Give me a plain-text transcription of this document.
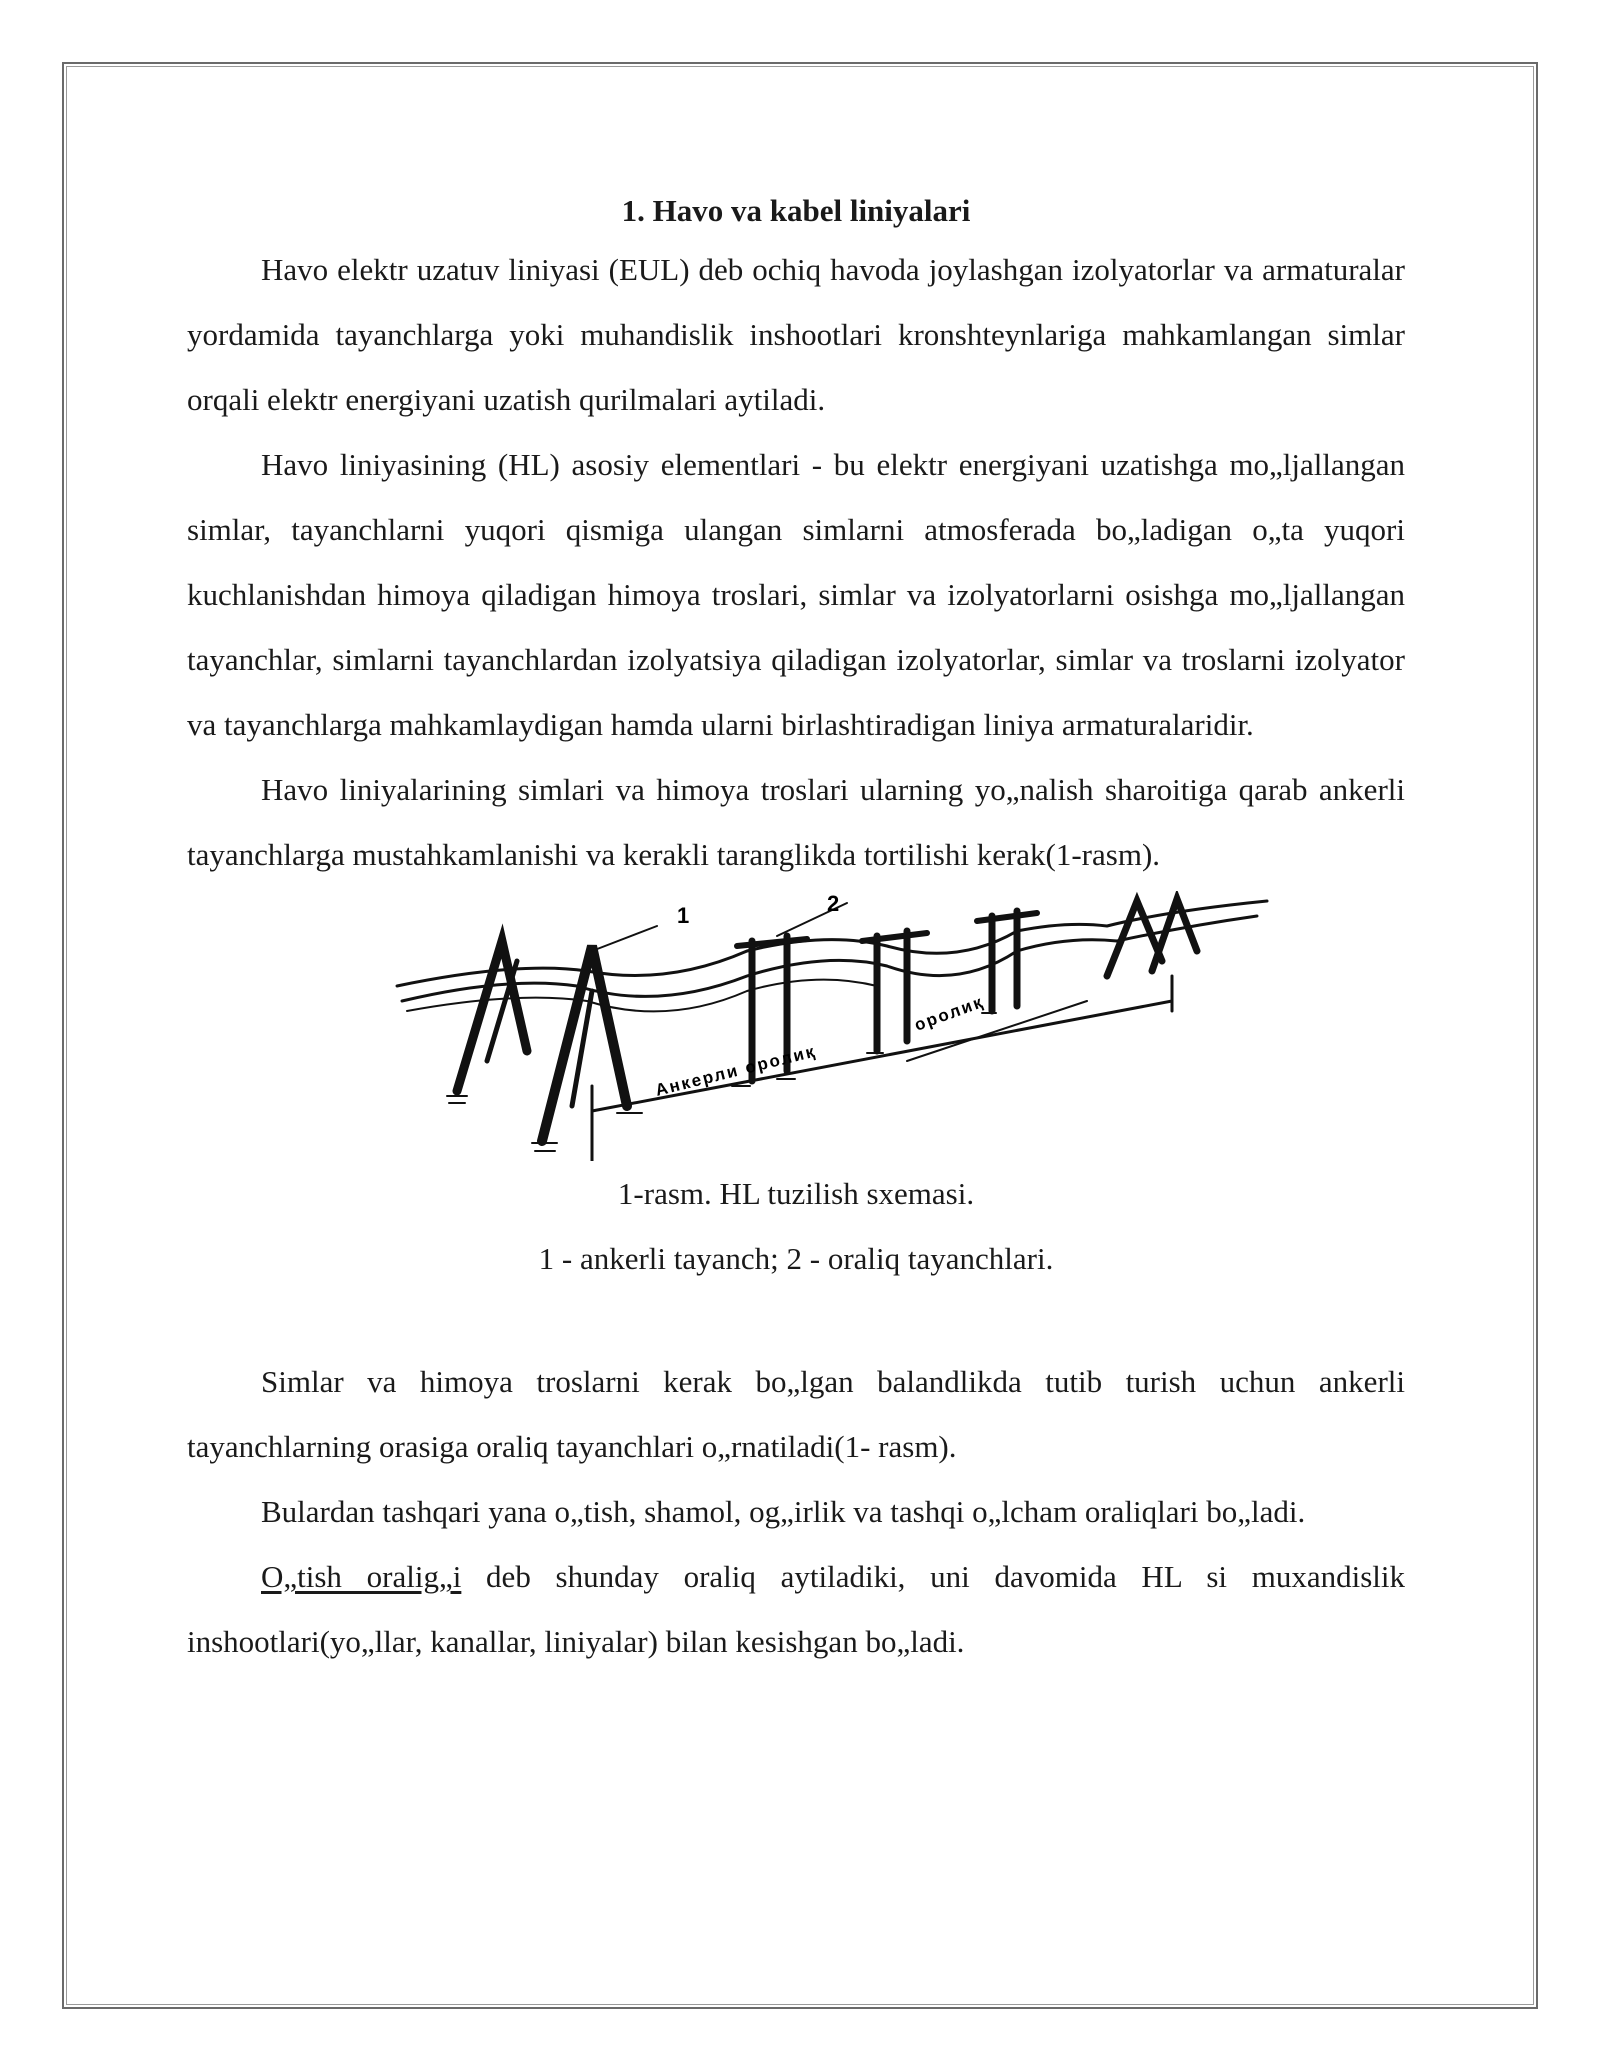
1. Havo va kabel liniyalari

Havo elektr uzatuv liniyasi (EUL) deb ochiq havoda joylashgan izolyatorlar va armaturalar yordamida tayanchlarga yoki muhandislik inshootlari kronshteynlariga mahkamlangan simlar orqali elektr energiyani uzatish qurilmalari aytiladi.

Havo liniyasining (HL) asosiy elementlari - bu elektr energiyani uzatishga mo„ljallangan simlar, tayanchlarni yuqori qismiga ulangan simlarni atmosferada bo„ladigan o„ta yuqori kuchlanishdan himoya qiladigan himoya troslari, simlar va izolyatorlarni osishga mo„ljallangan tayanchlar, simlarni tayanchlardan izolyatsiya qiladigan izolyatorlar, simlar va troslarni izolyator va tayanchlarga mahkamlaydigan hamda ularni birlashtiradigan liniya armaturalaridir.

Havo liniyalarining simlari va himoya troslari ularning yo„nalish sharoitiga qarab ankerli tayanchlarga mustahkamlanishi va kerakli taranglikda tortilishi kerak(1-rasm).

1	2
Анкерли оролиқ
оролиқ
1-rasm. HL tuzilish sxemasi.
1 - ankerli tayanch; 2 - oraliq tayanchlari.

Simlar va himoya troslarni kerak bo„lgan balandlikda tutib turish uchun ankerli tayanchlarning orasiga oraliq tayanchlari o„rnatiladi(1- rasm).

Bulardan tashqari yana o„tish, shamol, og„irlik va tashqi o„lcham oraliqlari bo„ladi.

O„tish oralig„i deb shunday oraliq aytiladiki, uni davomida HL si muxandislik inshootlari(yo„llar, kanallar, liniyalar) bilan kesishgan bo„ladi.
